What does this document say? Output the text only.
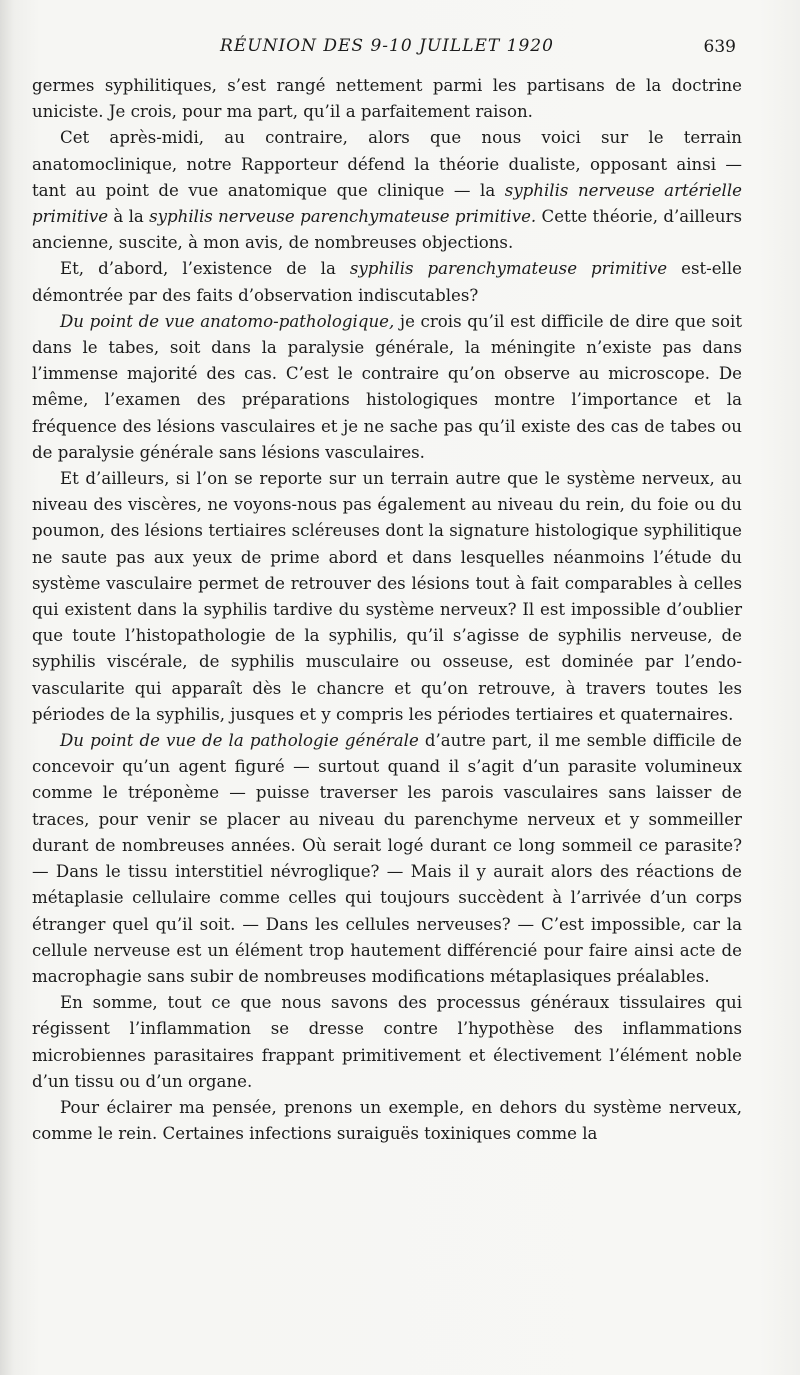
RÉUNION DES 9-10 JUILLET 1920	639

germes syphilitiques, s’est rangé nettement parmi les partisans de la doctrine uniciste. Je crois, pour ma part, qu’il a parfaitement raison.

Cet après-midi, au contraire, alors que nous voici sur le terrain anatomoclinique, notre Rapporteur défend la théorie dualiste, opposant ainsi — tant au point de vue anatomique que clinique — la syphilis nerveuse artérielle primitive à la syphilis nerveuse parenchymateuse primitive. Cette théorie, d’ailleurs ancienne, suscite, à mon avis, de nombreuses objections.

Et, d’abord, l’existence de la syphilis parenchymateuse primitive est-elle démontrée par des faits d’observation indiscutables?

Du point de vue anatomo-pathologique, je crois qu’il est difficile de dire que soit dans le tabes, soit dans la paralysie générale, la méningite n’existe pas dans l’immense majorité des cas. C’est le contraire qu’on observe au microscope. De même, l’examen des préparations histologiques montre l’importance et la fréquence des lésions vasculaires et je ne sache pas qu’il existe des cas de tabes ou de paralysie générale sans lésions vasculaires.

Et d’ailleurs, si l’on se reporte sur un terrain autre que le système nerveux, au niveau des viscères, ne voyons-nous pas également au niveau du rein, du foie ou du poumon, des lésions tertiaires scléreuses dont la signature histologique syphilitique ne saute pas aux yeux de prime abord et dans lesquelles néanmoins l’étude du système vasculaire permet de retrouver des lésions tout à fait comparables à celles qui existent dans la syphilis tardive du système nerveux? Il est impossible d’oublier que toute l’histopathologie de la syphilis, qu’il s’agisse de syphilis nerveuse, de syphilis viscérale, de syphilis musculaire ou osseuse, est dominée par l’endo-vascularite qui apparaît dès le chancre et qu’on retrouve, à travers toutes les périodes de la syphilis, jusques et y compris les périodes tertiaires et quaternaires.

Du point de vue de la pathologie générale d’autre part, il me semble difficile de concevoir qu’un agent figuré — surtout quand il s’agit d’un parasite volumineux comme le tréponème — puisse traverser les parois vasculaires sans laisser de traces, pour venir se placer au niveau du parenchyme nerveux et y sommeiller durant de nombreuses années. Où serait logé durant ce long sommeil ce parasite? — Dans le tissu interstitiel névroglique? — Mais il y aurait alors des réactions de métaplasie cellulaire comme celles qui toujours succèdent à l’arrivée d’un corps étranger quel qu’il soit. — Dans les cellules nerveuses? — C’est impossible, car la cellule nerveuse est un élément trop hautement différencié pour faire ainsi acte de macrophagie sans subir de nombreuses modifications métaplasiques préalables.

En somme, tout ce que nous savons des processus généraux tissulaires qui régissent l’inflammation se dresse contre l’hypothèse des inflammations microbiennes parasitaires frappant primitivement et électivement l’élément noble d’un tissu ou d’un organe.

Pour éclairer ma pensée, prenons un exemple, en dehors du système nerveux, comme le rein. Certaines infections suraiguës toxiniques comme la
